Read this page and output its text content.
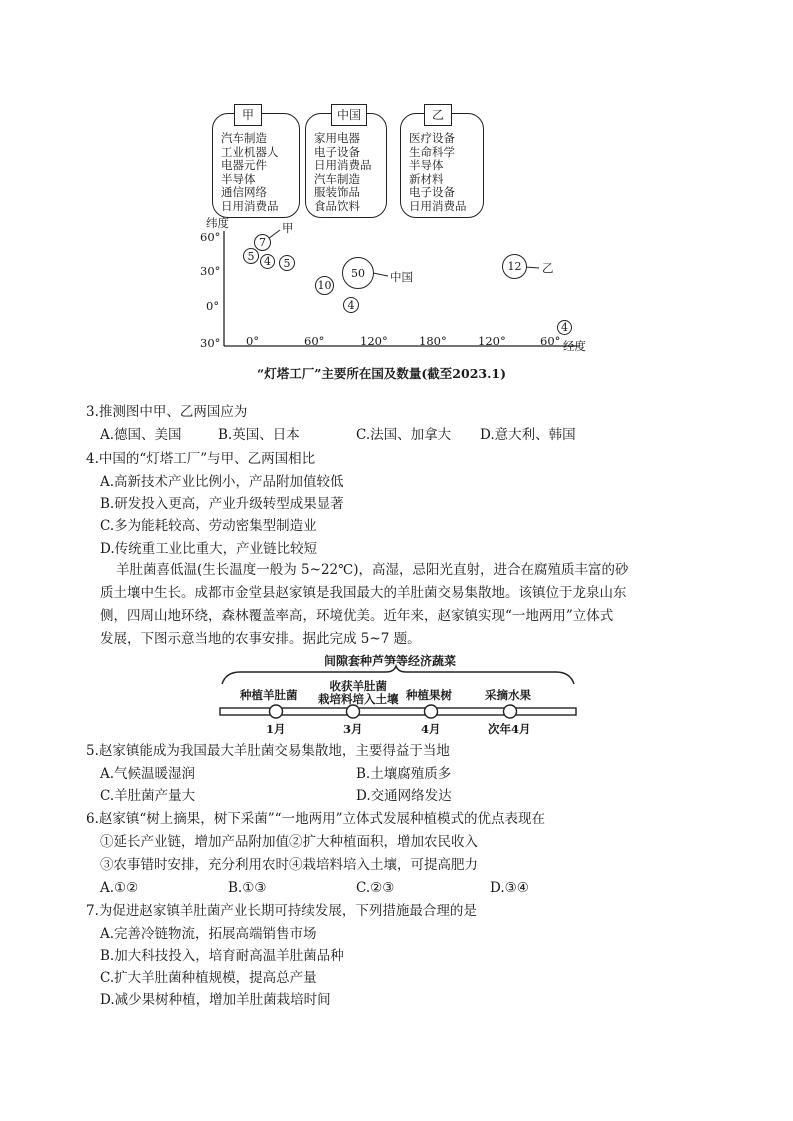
甲
汽车制造
工业机器人
电器元件
半导体
通信网络
日用消费品
中国
家用电器
电子设备
日用消费品
汽车制造
服装饰品
食品饮料
乙
医疗设备
生命科学
半导体
新材料
电子设备
日用消费品
纬度
60°
30°
0°
30° 0°	60°	120°	180°	120°	60° 经度
7
甲
5 4	5
10
50	中国
4
12	乙
4
“灯塔工厂”主要所在国及数量(截至2023.1)
3.推测图中甲、乙两国应为
A.德国、美国	B.英国、日本	C.法国、加拿大 D.意大利、韩国
4.中国的“灯塔工厂”与甲、乙两国相比
A.高新技术产业比例小，产品附加值较低
B.研发投入更高，产业升级转型成果显著
C.多为能耗较高、劳动密集型制造业
D.传统重工业比重大，产业链比较短
羊肚菌喜低温(生长温度一般为 5~22℃)，高湿，忌阳光直射，进合在腐殖质丰富的砂
质土壤中生长。成都市金堂县赵家镇是我国最大的羊肚菌交易集散地。该镇位于龙泉山东
侧，四周山地环绕，森林覆盖率高，环境优美。近年来，赵家镇实现“一地两用”立体式
发展，下图示意当地的农事安排。据此完成 5~7 题。
间隙套种芦笋等经济蔬菜
种植羊肚菌
收获羊肚菌
栽培料培入土壤 种植果树	采摘水果
1月	3月	4月	次年4月
5.赵家镇能成为我国最大羊肚菌交易集散地，主要得益于当地
A.气候温暖湿润	B.土壤腐殖质多
C.羊肚菌产量大	D.交通网络发达
6.赵家镇“树上摘果，树下采菌”“一地两用”立体式发展种植模式的优点表现在
①延长产业链，增加产品附加值②扩大种植面积，增加农民收入
③农事错时安排，充分利用农时④栽培料培入土壤，可提高肥力
A.①②	B.①③	C.②③	D.③④
7.为促进赵家镇羊肚菌产业长期可持续发展，下列措施最合理的是
A.完善冷链物流，拓展高端销售市场
B.加大科技投入，培育耐高温羊肚菌品种
C.扩大羊肚菌种植规模，提高总产量
D.减少果树种植，增加羊肚菌栽培时间
